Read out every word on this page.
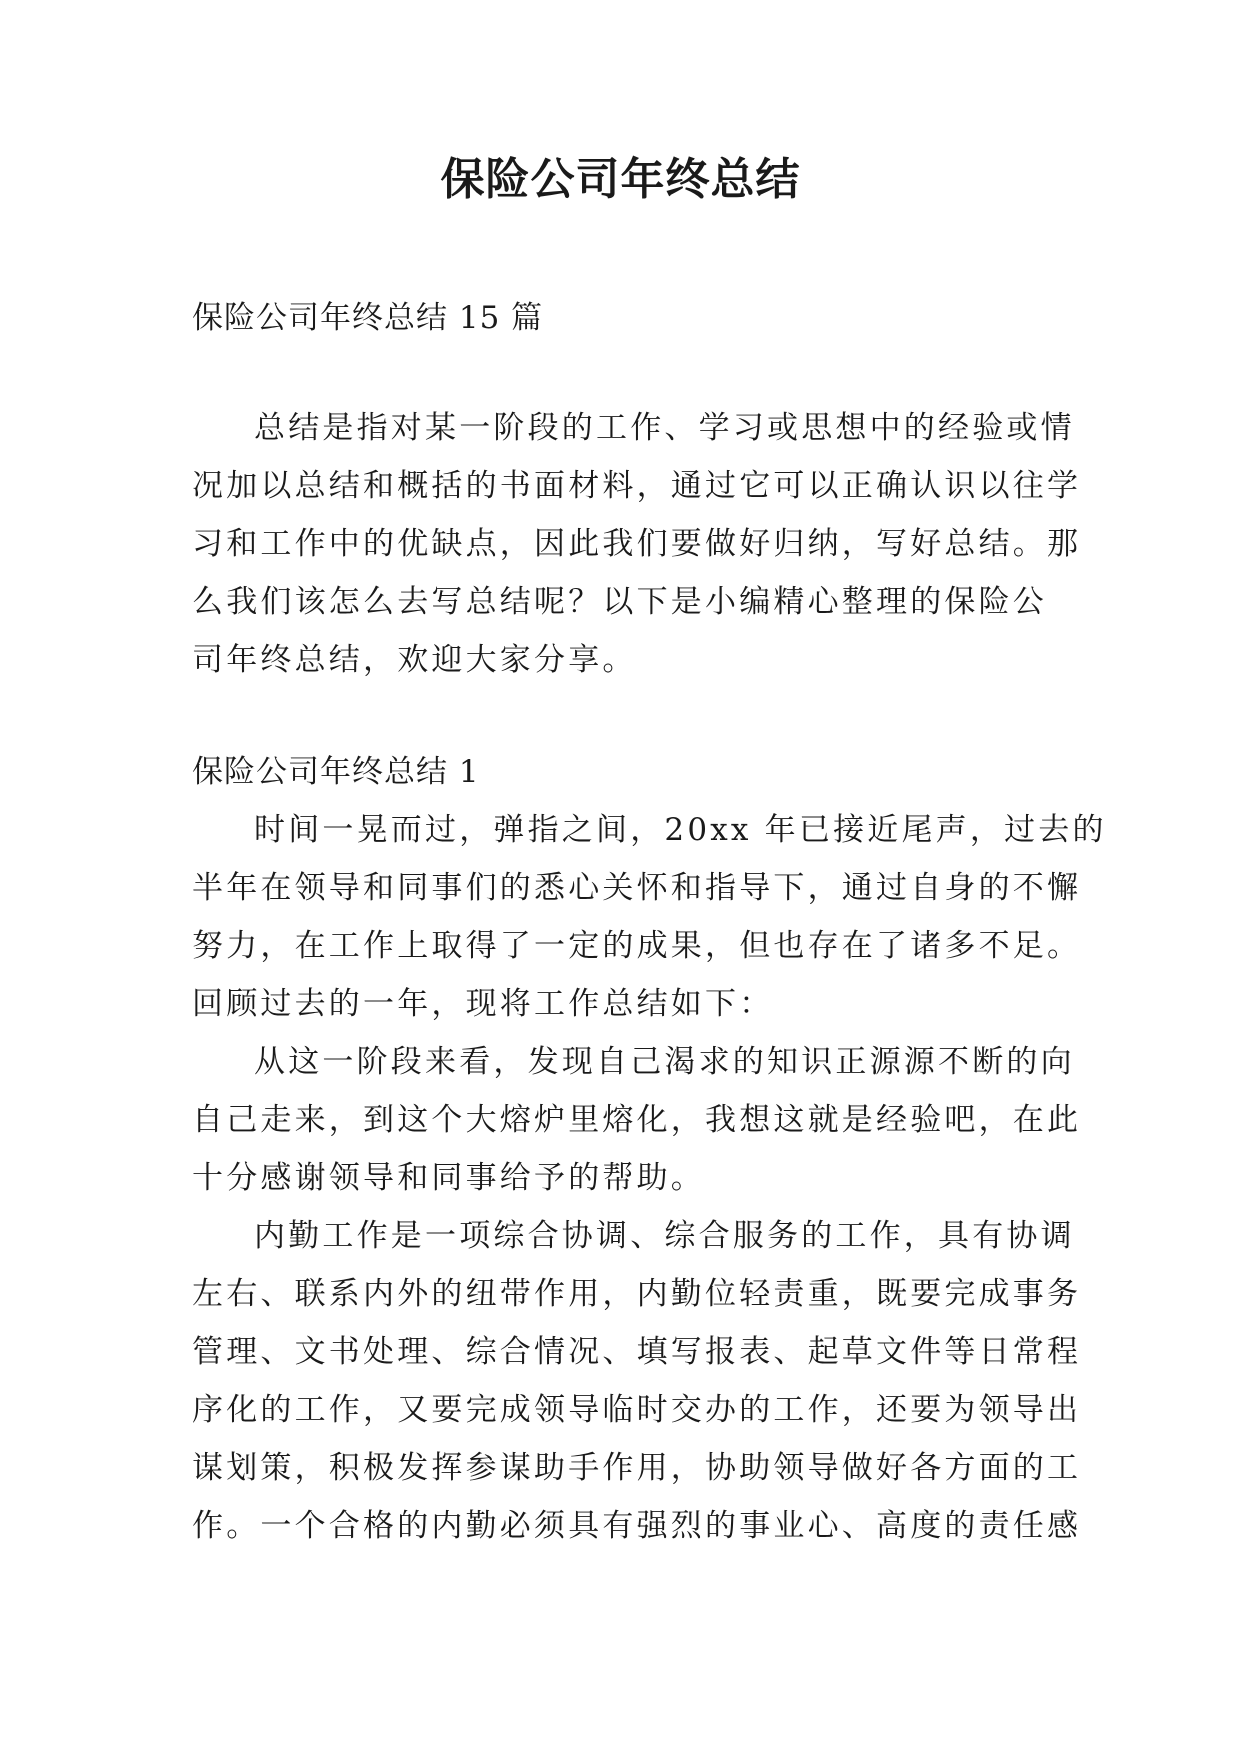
保险公司年终总结
保险公司年终总结 15 篇
总结是指对某一阶段的工作、学习或思想中的经验或情
况加以总结和概括的书面材料，通过它可以正确认识以往学
习和工作中的优缺点，因此我们要做好归纳，写好总结。那
么我们该怎么去写总结呢？以下是小编精心整理的保险公
司年终总结，欢迎大家分享。
保险公司年终总结 1
时间一晃而过，弹指之间，20xx 年已接近尾声，过去的
半年在领导和同事们的悉心关怀和指导下，通过自身的不懈
努力，在工作上取得了一定的成果，但也存在了诸多不足。
回顾过去的一年，现将工作总结如下：
从这一阶段来看，发现自己渴求的知识正源源不断的向
自己走来，到这个大熔炉里熔化，我想这就是经验吧，在此
十分感谢领导和同事给予的帮助。
内勤工作是一项综合协调、综合服务的工作，具有协调
左右、联系内外的纽带作用，内勤位轻责重，既要完成事务
管理、文书处理、综合情况、填写报表、起草文件等日常程
序化的工作，又要完成领导临时交办的工作，还要为领导出
谋划策，积极发挥参谋助手作用，协助领导做好各方面的工
作。一个合格的内勤必须具有强烈的事业心、高度的责任感
